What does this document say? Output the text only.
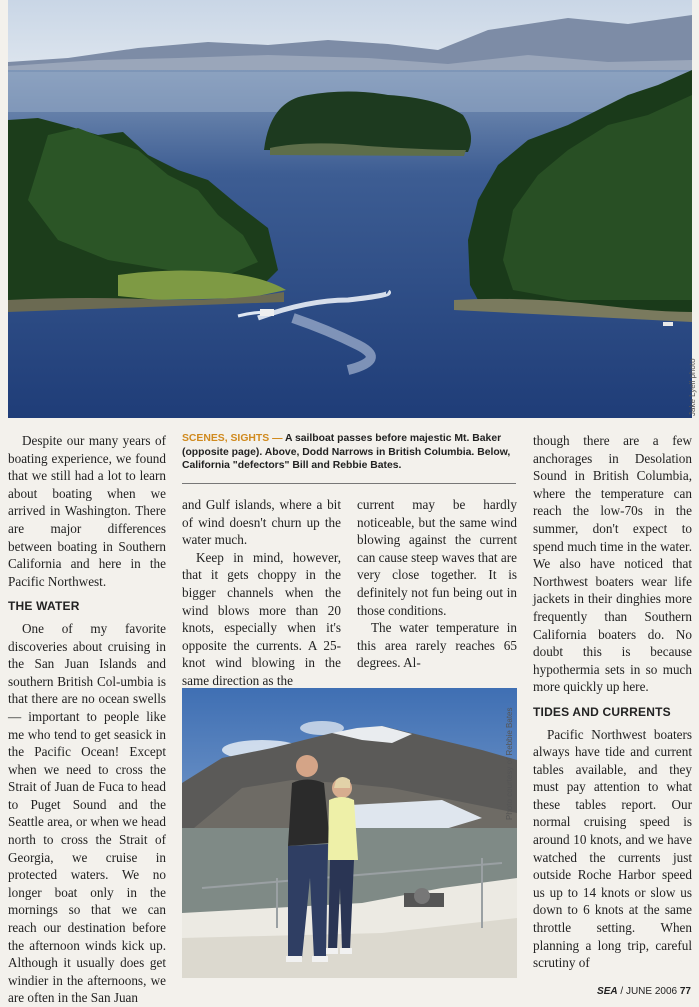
Jake Lyell photo
SCENES, SIGHTS — A sailboat passes before majestic Mt. Baker (opposite page). Above, Dodd Narrows in British Columbia. Below, California "defectors" Bill and Rebbie Bates.

Despite our many years of boating experience, we found that we still had a lot to learn about boating when we arrived in Washington. There are major differences between boating in Southern California and here in the Pacific Northwest.

THE WATER

One of my favorite discoveries about cruising in the San Juan Islands and southern British Col-umbia is that there are no ocean swells — important to people like me who tend to get seasick in the Pacific Ocean! Except when we need to cross the Strait of Juan de Fuca to head to Puget Sound and the Seattle area, or when we head north to cross the Strait of Georgia, we cruise in protected waters. We no longer boat only in the mornings so that we can reach our destination before the afternoon winds kick up. Although it usually does get windier in the afternoons, we are often in the San Juan

and Gulf islands, where a bit of wind doesn't churn up the water much.

Keep in mind, however, that it gets choppy in the bigger channels when the wind blows more than 20 knots, especially when it's opposite the currents. A 25-knot wind blowing in the same direction as the

current may be hardly noticeable, but the same wind blowing against the current can cause steep waves that are very close together. It is definitely not fun being out in those conditions.

The water temperature in this area rarely reaches 65 degrees. Al-

though there are a few anchorages in Desolation Sound in British Columbia, where the temperature can reach the low-70s in the summer, don't expect to spend much time in the water. We also have noticed that Northwest boaters wear life jackets in their dinghies more frequently than Southern California boaters do. No doubt this is because hypothermia sets in so much more quickly up here.

TIDES AND CURRENTS

Pacific Northwest boaters always have tide and current tables available, and they must pay attention to what these tables report. Our normal cruising speed is around 10 knots, and we have watched the currents just outside Roche Harbor speed us up to 14 knots or slow us down to 6 knots at the same throttle setting. When planning a long trip, careful scrutiny of

Photo courtesy of Rebbie Bates
SEA / JUNE 2006 77
